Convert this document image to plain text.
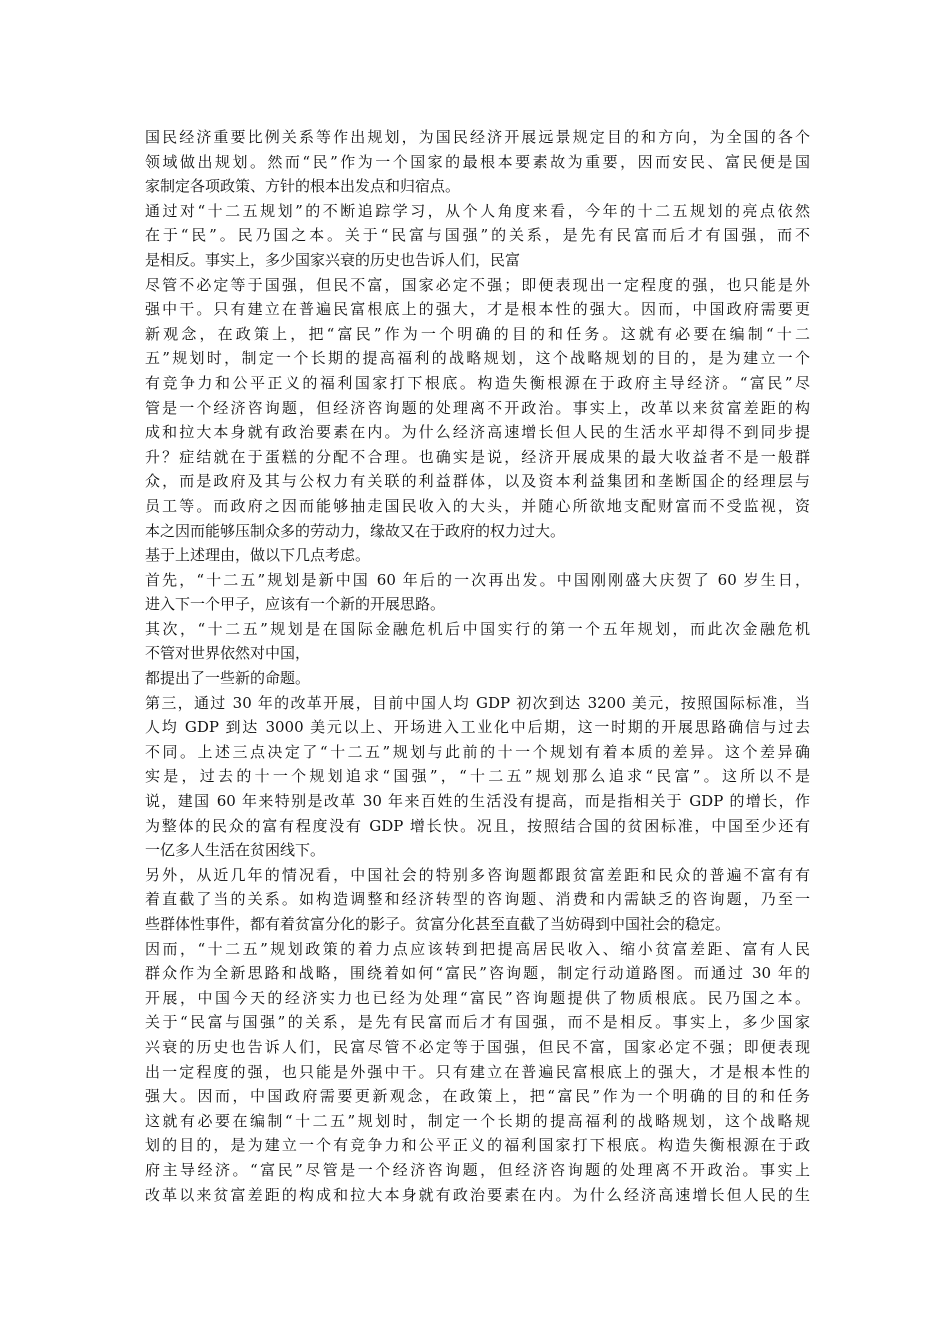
国民经济重要比例关系等作出规划，为国民经济开展远景规定目的和方向，为全国的各个
领域做出规划。然而“民”作为一个国家的最根本要素故为重要，因而安民、富民便是国
家制定各项政策、方针的根本出发点和归宿点。
通过对“十二五规划”的不断追踪学习，从个人角度来看，今年的十二五规划的亮点依然
在于“民”。民乃国之本。关于“民富与国强”的关系，是先有民富而后才有国强，而不
是相反。事实上，多少国家兴衰的历史也告诉人们，民富
尽管不必定等于国强，但民不富，国家必定不强；即便表现出一定程度的强，也只能是外
强中干。只有建立在普遍民富根底上的强大，才是根本性的强大。因而，中国政府需要更
新观念，在政策上，把“富民”作为一个明确的目的和任务。这就有必要在编制“十二
五”规划时，制定一个长期的提高福利的战略规划，这个战略规划的目的，是为建立一个
有竞争力和公平正义的福利国家打下根底。构造失衡根源在于政府主导经济。“富民”尽
管是一个经济咨询题，但经济咨询题的处理离不开政治。事实上，改革以来贫富差距的构
成和拉大本身就有政治要素在内。为什么经济高速增长但人民的生活水平却得不到同步提
升？症结就在于蛋糕的分配不合理。也确实是说，经济开展成果的最大收益者不是一般群
众，而是政府及其与公权力有关联的利益群体，以及资本利益集团和垄断国企的经理层与
员工等。而政府之因而能够抽走国民收入的大头，并随心所欲地支配财富而不受监视，资
本之因而能够压制众多的劳动力，缘故又在于政府的权力过大。
基于上述理由，做以下几点考虑。
首先，“十二五”规划是新中国 60 年后的一次再出发。中国刚刚盛大庆贺了 60 岁生日，
进入下一个甲子，应该有一个新的开展思路。
其次，“十二五”规划是在国际金融危机后中国实行的第一个五年规划，而此次金融危机
不管对世界依然对中国，
都提出了一些新的命题。
第三，通过 30 年的改革开展，目前中国人均 GDP 初次到达 3200 美元，按照国际标准，当
人均 GDP 到达 3000 美元以上、开场进入工业化中后期，这一时期的开展思路确信与过去
不同。上述三点决定了“十二五”规划与此前的十一个规划有着本质的差异。这个差异确
实是，过去的十一个规划追求“国强”，“十二五”规划那么追求“民富”。这所以不是
说，建国 60 年来特别是改革 30 年来百姓的生活没有提高，而是指相关于 GDP 的增长，作
为整体的民众的富有程度没有 GDP 增长快。况且，按照结合国的贫困标准，中国至少还有
一亿多人生活在贫困线下。
另外，从近几年的情况看，中国社会的特别多咨询题都跟贫富差距和民众的普遍不富有有
着直截了当的关系。如构造调整和经济转型的咨询题、消费和内需缺乏的咨询题，乃至一
些群体性事件，都有着贫富分化的影子。贫富分化甚至直截了当妨碍到中国社会的稳定。
因而，“十二五”规划政策的着力点应该转到把提高居民收入、缩小贫富差距、富有人民
群众作为全新思路和战略，围绕着如何“富民”咨询题，制定行动道路图。而通过 30 年的
开展，中国今天的经济实力也已经为处理“富民”咨询题提供了物质根底。民乃国之本。
关于“民富与国强”的关系，是先有民富而后才有国强，而不是相反。事实上，多少国家
兴衰的历史也告诉人们，民富尽管不必定等于国强，但民不富，国家必定不强；即便表现
出一定程度的强，也只能是外强中干。只有建立在普遍民富根底上的强大，才是根本性的
强大。因而，中国政府需要更新观念，在政策上，把“富民”作为一个明确的目的和任务
这就有必要在编制“十二五”规划时，制定一个长期的提高福利的战略规划，这个战略规
划的目的，是为建立一个有竞争力和公平正义的福利国家打下根底。构造失衡根源在于政
府主导经济。“富民”尽管是一个经济咨询题，但经济咨询题的处理离不开政治。事实上
改革以来贫富差距的构成和拉大本身就有政治要素在内。为什么经济高速增长但人民的生
